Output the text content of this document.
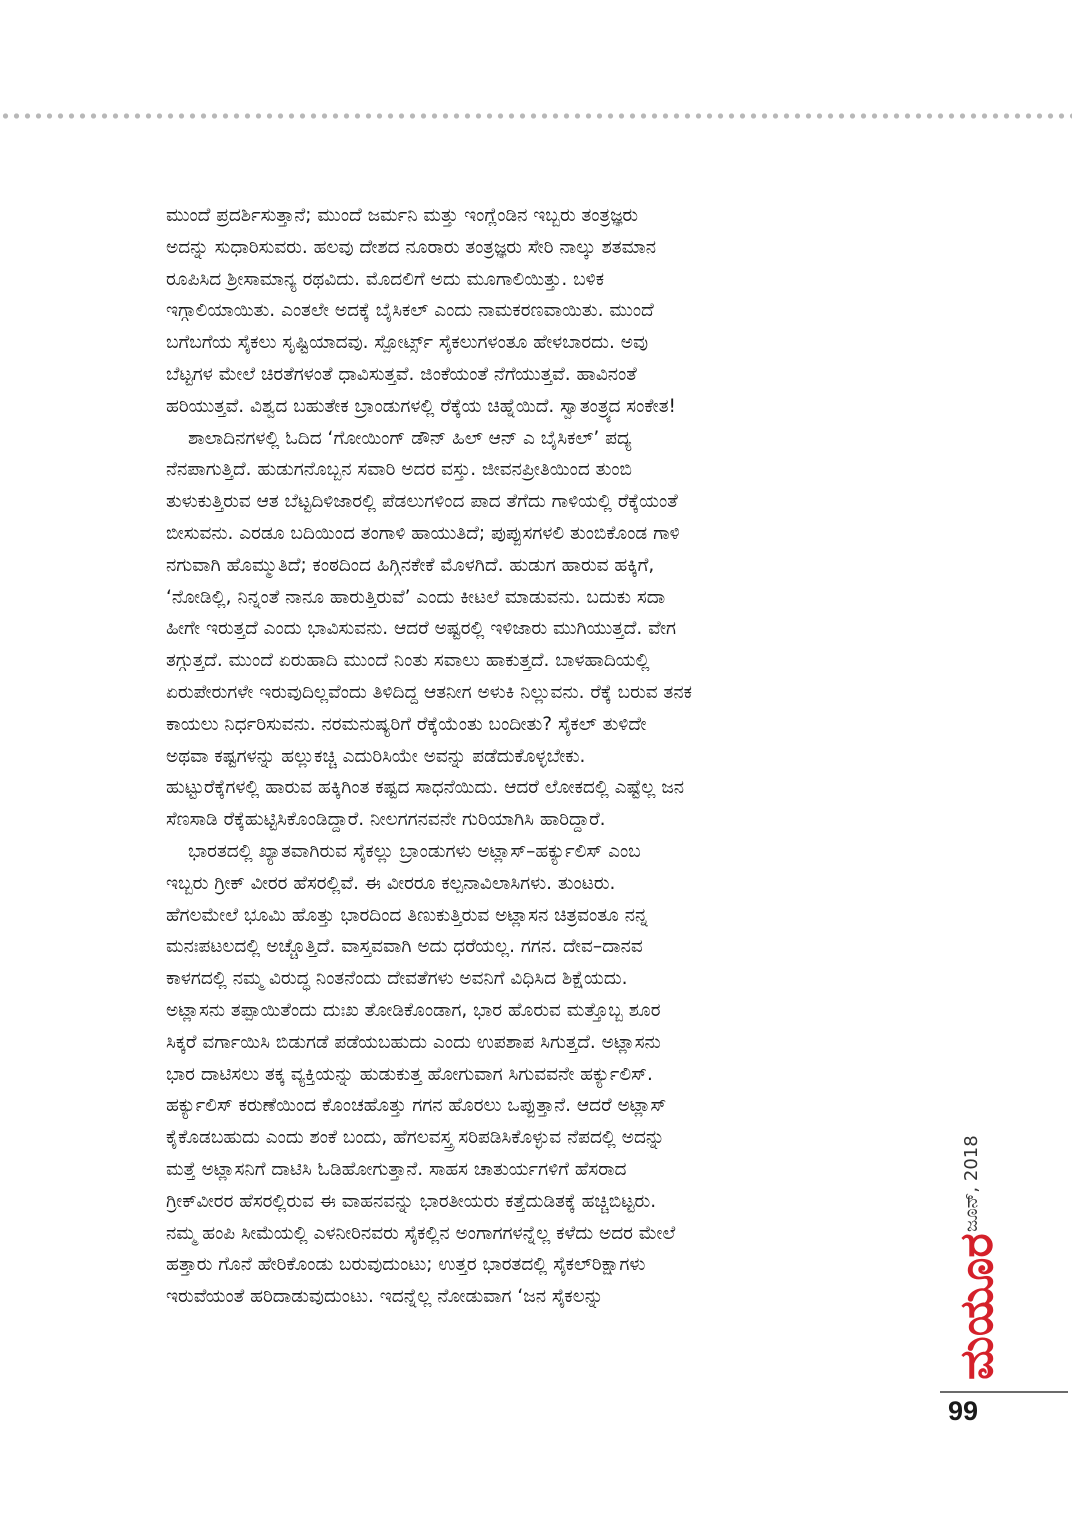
ಮುಂದೆ ಪ್ರದರ್ಶಿಸುತ್ತಾನೆ; ಮುಂದೆ ಜರ್ಮನಿ ಮತ್ತು ಇಂಗ್ಲೆಂಡಿನ ಇಬ್ಬರು ತಂತ್ರಜ್ಞರು

ಅದನ್ನು ಸುಧಾರಿಸುವರು. ಹಲವು ದೇಶದ ನೂರಾರು ತಂತ್ರಜ್ಞರು ಸೇರಿ ನಾಲ್ಕು ಶತಮಾನ

ರೂಪಿಸಿದ ಶ್ರೀಸಾಮಾನ್ಯ ರಥವಿದು. ಮೊದಲಿಗೆ ಅದು ಮೂಗಾಲಿಯಿತ್ತು. ಬಳಿಕ

ಇಗ್ಗಾಲಿಯಾಯಿತು. ಎಂತಲೇ ಅದಕ್ಕೆ ಬೈಸಿಕಲ್ ಎಂದು ನಾಮಕರಣವಾಯಿತು. ಮುಂದೆ

ಬಗೆಬಗೆಯ ಸೈಕಲು ಸೃಷ್ಟಿಯಾದವು. ಸ್ಪೋರ್ಟ್ಸ್ ಸೈಕಲುಗಳಂತೂ ಹೇಳಬಾರದು. ಅವು

ಬೆಟ್ಟಗಳ ಮೇಲೆ ಚಿರತೆಗಳಂತೆ ಧಾವಿಸುತ್ತವೆ. ಜಿಂಕೆಯಂತೆ ನೆಗೆಯುತ್ತವೆ. ಹಾವಿನಂತೆ

ಹರಿಯುತ್ತವೆ. ವಿಶ್ವದ ಬಹುತೇಕ ಬ್ರಾಂಡುಗಳಲ್ಲಿ ರೆಕ್ಕೆಯ ಚಿಹ್ನೆಯಿದೆ. ಸ್ವಾತಂತ್ರ್ಯದ ಸಂಕೇತ!

ಶಾಲಾದಿನಗಳಲ್ಲಿ ಓದಿದ ‘ಗೋಯಿಂಗ್ ಡೌನ್ ಹಿಲ್ ಆನ್ ಎ ಬೈಸಿಕಲ್’ ಪದ್ಯ

ನೆನಪಾಗುತ್ತಿದೆ. ಹುಡುಗನೊಬ್ಬನ ಸವಾರಿ ಅದರ ವಸ್ತು. ಜೀವನಪ್ರೀತಿಯಿಂದ ತುಂಬಿ

ತುಳುಕುತ್ತಿರುವ ಆತ ಬೆಟ್ಟದಿಳಿಜಾರಲ್ಲಿ ಪೆಡಲುಗಳಿಂದ ಪಾದ ತೆಗೆದು ಗಾಳಿಯಲ್ಲಿ ರೆಕ್ಕೆಯಂತೆ

ಬೀಸುವನು. ಎರಡೂ ಬದಿಯಿಂದ ತಂಗಾಳಿ ಹಾಯುತಿದೆ; ಪುಪ್ಪುಸಗಳಲಿ ತುಂಬಿಕೊಂಡ ಗಾಳಿ

ನಗುವಾಗಿ ಹೊಮ್ಮುತಿದೆ; ಕಂಠದಿಂದ ಹಿಗ್ಗಿನಕೇಕೆ ಮೊಳಗಿದೆ. ಹುಡುಗ ಹಾರುವ ಹಕ್ಕಿಗೆ,

‘ನೋಡಿಲ್ಲಿ, ನಿನ್ನಂತೆ ನಾನೂ ಹಾರುತ್ತಿರುವೆ’ ಎಂದು ಕೀಟಲೆ ಮಾಡುವನು. ಬದುಕು ಸದಾ

ಹೀಗೇ ಇರುತ್ತದೆ ಎಂದು ಭಾವಿಸುವನು. ಆದರೆ ಅಷ್ಟರಲ್ಲಿ ಇಳಿಜಾರು ಮುಗಿಯುತ್ತದೆ. ವೇಗ

ತಗ್ಗುತ್ತದೆ. ಮುಂದೆ ಏರುಹಾದಿ ಮುಂದೆ ನಿಂತು ಸವಾಲು ಹಾಕುತ್ತದೆ. ಬಾಳಹಾದಿಯಲ್ಲಿ

ಏರುಪೇರುಗಳೇ ಇರುವುದಿಲ್ಲವೆಂದು ತಿಳಿದಿದ್ದ ಆತನೀಗ ಅಳುಕಿ ನಿಲ್ಲುವನು. ರೆಕ್ಕೆ ಬರುವ ತನಕ

ಕಾಯಲು ನಿರ್ಧರಿಸುವನು. ನರಮನುಷ್ಯರಿಗೆ ರೆಕ್ಕೆಯೆಂತು ಬಂದೀತು? ಸೈಕಲ್ ತುಳಿದೇ

ಅಥವಾ ಕಷ್ಟಗಳನ್ನು ಹಲ್ಲುಕಚ್ಚಿ ಎದುರಿಸಿಯೇ ಅವನ್ನು ಪಡೆದುಕೊಳ್ಳಬೇಕು.

ಹುಟ್ಟುರೆಕ್ಕೆಗಳಲ್ಲಿ ಹಾರುವ ಹಕ್ಕಿಗಿಂತ ಕಷ್ಟದ ಸಾಧನೆಯಿದು. ಆದರೆ ಲೋಕದಲ್ಲಿ ಎಷ್ಟೆಲ್ಲ ಜನ

ಸೆಣಸಾಡಿ ರೆಕ್ಕೆಹುಟ್ಟಿಸಿಕೊಂಡಿದ್ದಾರೆ. ನೀಲಗಗನವನೇ ಗುರಿಯಾಗಿಸಿ ಹಾರಿದ್ದಾರೆ.

ಭಾರತದಲ್ಲಿ ಖ್ಯಾತವಾಗಿರುವ ಸೈಕಲ್ಲು ಬ್ರಾಂಡುಗಳು ಅಟ್ಲಾಸ್–ಹರ್ಕ್ಯುಲಿಸ್ ಎಂಬ

ಇಬ್ಬರು ಗ್ರೀಕ್ ವೀರರ ಹೆಸರಲ್ಲಿವೆ. ಈ ವೀರರೂ ಕಲ್ಪನಾವಿಲಾಸಿಗಳು. ತುಂಟರು.

ಹೆಗಲಮೇಲೆ ಭೂಮಿ ಹೊತ್ತು ಭಾರದಿಂದ ತಿಣುಕುತ್ತಿರುವ ಅಟ್ಲಾಸನ ಚಿತ್ರವಂತೂ ನನ್ನ

ಮನಃಪಟಲದಲ್ಲಿ ಅಚ್ಚೊತ್ತಿದೆ. ವಾಸ್ತವವಾಗಿ ಅದು ಧರೆಯಲ್ಲ. ಗಗನ. ದೇವ–ದಾನವ

ಕಾಳಗದಲ್ಲಿ ನಮ್ಮ ವಿರುದ್ಧ ನಿಂತನೆಂದು ದೇವತೆಗಳು ಅವನಿಗೆ ವಿಧಿಸಿದ ಶಿಕ್ಷೆಯದು.

ಅಟ್ಲಾಸನು ತಪ್ಪಾಯಿತೆಂದು ದುಃಖ ತೋಡಿಕೊಂಡಾಗ, ಭಾರ ಹೊರುವ ಮತ್ತೊಬ್ಬ ಶೂರ

ಸಿಕ್ಕರೆ ವರ್ಗಾಯಿಸಿ ಬಿಡುಗಡೆ ಪಡೆಯಬಹುದು ಎಂದು ಉಪಶಾಪ ಸಿಗುತ್ತದೆ. ಅಟ್ಲಾಸನು

ಭಾರ ದಾಟಿಸಲು ತಕ್ಕ ವ್ಯಕ್ತಿಯನ್ನು ಹುಡುಕುತ್ತ ಹೋಗುವಾಗ ಸಿಗುವವನೇ ಹರ್ಕ್ಯುಲಿಸ್.

ಹರ್ಕ್ಯುಲಿಸ್ ಕರುಣೆಯಿಂದ ಕೊಂಚಹೊತ್ತು ಗಗನ ಹೊರಲು ಒಪ್ಪುತ್ತಾನೆ. ಆದರೆ ಅಟ್ಲಾಸ್

ಕೈಕೊಡಬಹುದು ಎಂದು ಶಂಕೆ ಬಂದು, ಹೆಗಲವಸ್ತ್ರ ಸರಿಪಡಿಸಿಕೊಳ್ಳುವ ನೆಪದಲ್ಲಿ ಅದನ್ನು

ಮತ್ತೆ ಅಟ್ಲಾಸನಿಗೆ ದಾಟಿಸಿ ಓಡಿಹೋಗುತ್ತಾನೆ. ಸಾಹಸ ಚಾತುರ್ಯಗಳಿಗೆ ಹೆಸರಾದ

ಗ್ರೀಕ್‌ವೀರರ ಹೆಸರಲ್ಲಿರುವ ಈ ವಾಹನವನ್ನು ಭಾರತೀಯರು ಕತ್ತೆದುಡಿತಕ್ಕೆ ಹಚ್ಚಿಬಿಟ್ಟರು.

ನಮ್ಮ ಹಂಪಿ ಸೀಮೆಯಲ್ಲಿ ಎಳನೀರಿನವರು ಸೈಕಲ್ಲಿನ ಅಂಗಾಗಗಳನ್ನೆಲ್ಲ ಕಳೆದು ಅದರ ಮೇಲೆ

ಹತ್ತಾರು ಗೊನೆ ಹೇರಿಕೊಂಡು ಬರುವುದುಂಟು; ಉತ್ತರ ಭಾರತದಲ್ಲಿ ಸೈಕಲ್‌ರಿಕ್ಷಾಗಳು

ಇರುವೆಯಂತೆ ಹರಿದಾಡುವುದುಂಟು. ಇದನ್ನೆಲ್ಲ ನೋಡುವಾಗ ‘ಜನ ಸೈಕಲನ್ನು	ಮಯೂರ
ಜೂನ್, 2018
99
